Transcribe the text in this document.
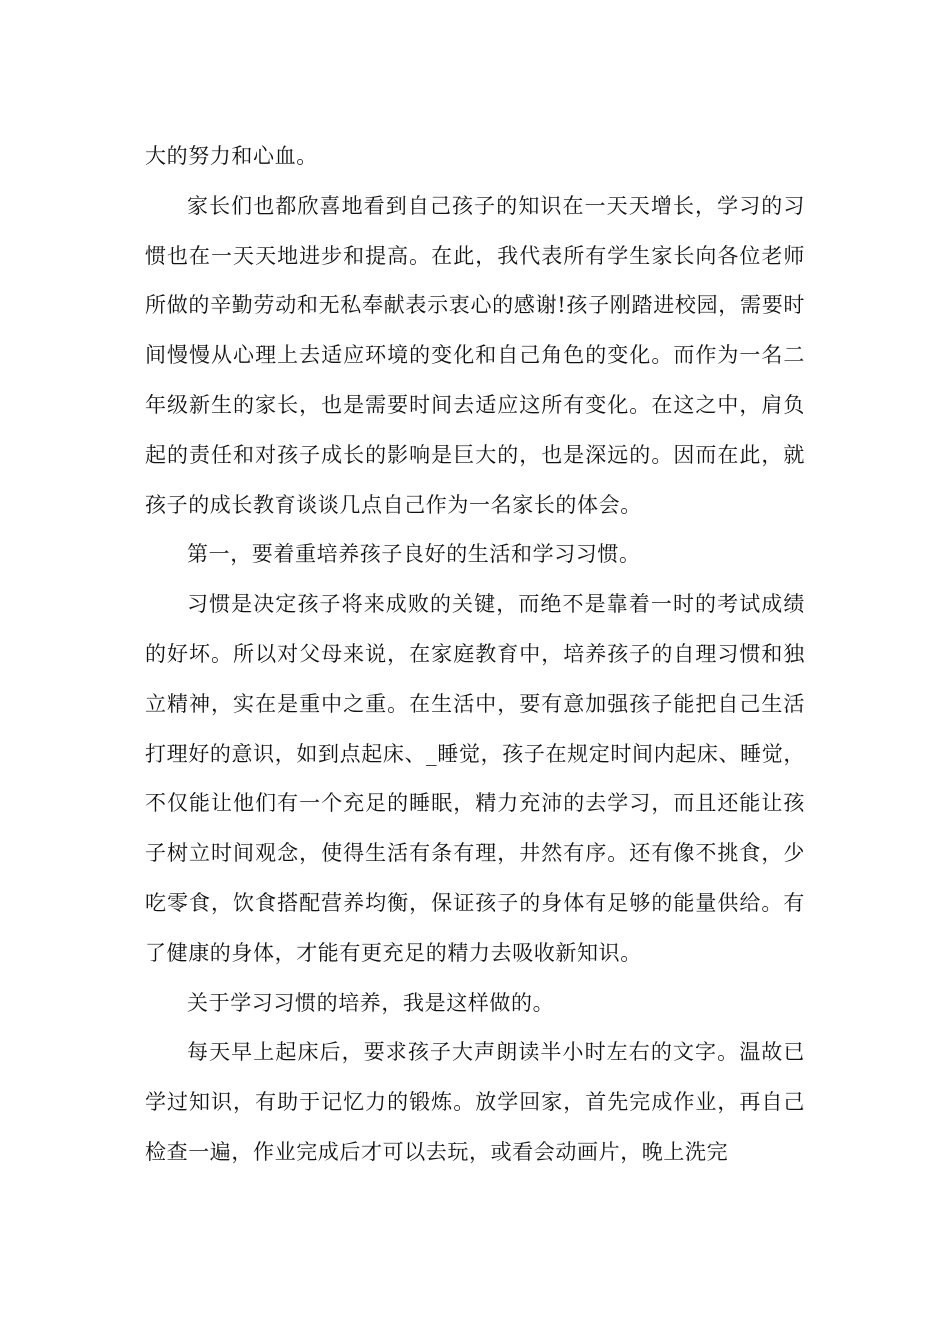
大的努力和心血。

家长们也都欣喜地看到自己孩子的知识在一天天增长，学习的习惯也在一天天地进步和提高。在此，我代表所有学生家长向各位老师所做的辛勤劳动和无私奉献表示衷心的感谢!孩子刚踏进校园，需要时间慢慢从心理上去适应环境的变化和自己角色的变化。而作为一名二年级新生的家长，也是需要时间去适应这所有变化。在这之中，肩负起的责任和对孩子成长的影响是巨大的，也是深远的。因而在此，就孩子的成长教育谈谈几点自己作为一名家长的体会。

第一，要着重培养孩子良好的生活和学习习惯。

习惯是决定孩子将来成败的关键，而绝不是靠着一时的考试成绩的好坏。所以对父母来说，在家庭教育中，培养孩子的自理习惯和独立精神，实在是重中之重。在生活中，要有意加强孩子能把自己生活打理好的意识，如到点起床、_睡觉，孩子在规定时间内起床、睡觉，不仅能让他们有一个充足的睡眠，精力充沛的去学习，而且还能让孩子树立时间观念，使得生活有条有理，井然有序。还有像不挑食，少吃零食，饮食搭配营养均衡，保证孩子的身体有足够的能量供给。有了健康的身体，才能有更充足的精力去吸收新知识。

关于学习习惯的培养，我是这样做的。

每天早上起床后，要求孩子大声朗读半小时左右的文字。温故已学过知识，有助于记忆力的锻炼。放学回家，首先完成作业，再自己检查一遍，作业完成后才可以去玩，或看会动画片，晚上洗完
